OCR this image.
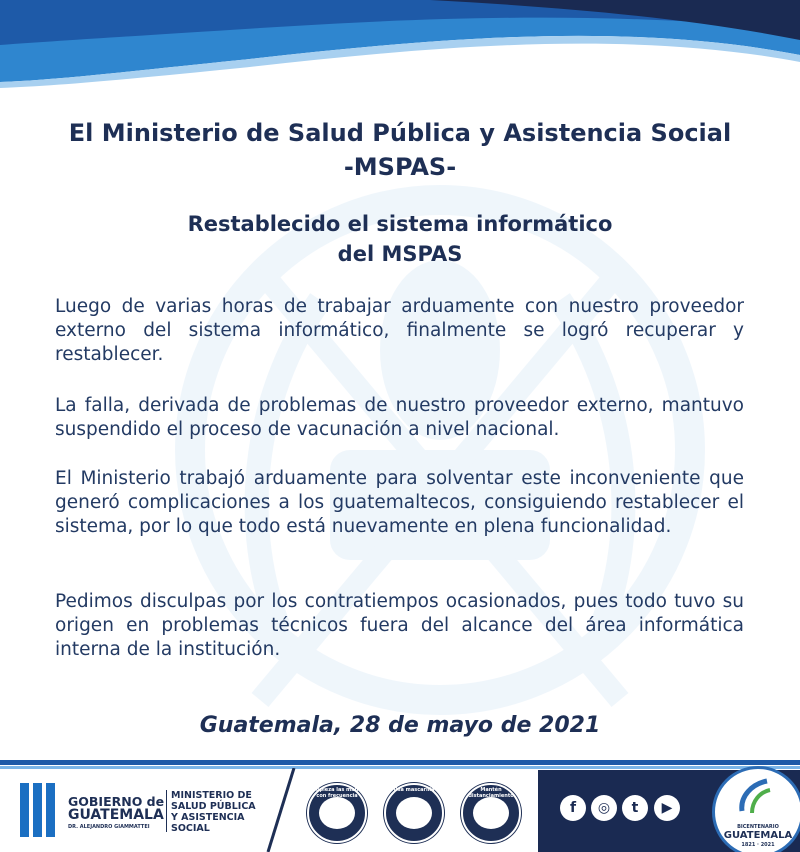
El Ministerio de Salud Pública y Asistencia Social
-MSPAS-
Restablecido el sistema informático
del MSPAS

Luego de varias horas de trabajar arduamente con nuestro proveedor externo del sistema informático, finalmente se logró recuperar y restablecer.

La falla, derivada de problemas de nuestro proveedor externo, mantuvo suspendido el proceso de vacunación a nivel nacional.

El Ministerio trabajó arduamente para solventar este inconveniente que generó complicaciones a los guatemaltecos, consiguiendo restablecer el sistema, por lo que todo está nuevamente en plena funcionalidad.

Pedimos disculpas por los contratiempos ocasionados, pues todo tuvo su origen en problemas técnicos fuera del alcance del área informática interna de la institución.

Guatemala, 28 de mayo de 2021
GOBIERNO de
GUATEMALA
DR. ALEJANDRO GIAMMATTEI
MINISTERIO DE
SALUD PÚBLICA
Y ASISTENCIA
SOCIAL
Limpieza las manos con frecuencia
Usa mascarilla	Mantén distanciamiento físico	f	◎	t	▶
BICENTENARIO
GUATEMALA
1821 · 2021
